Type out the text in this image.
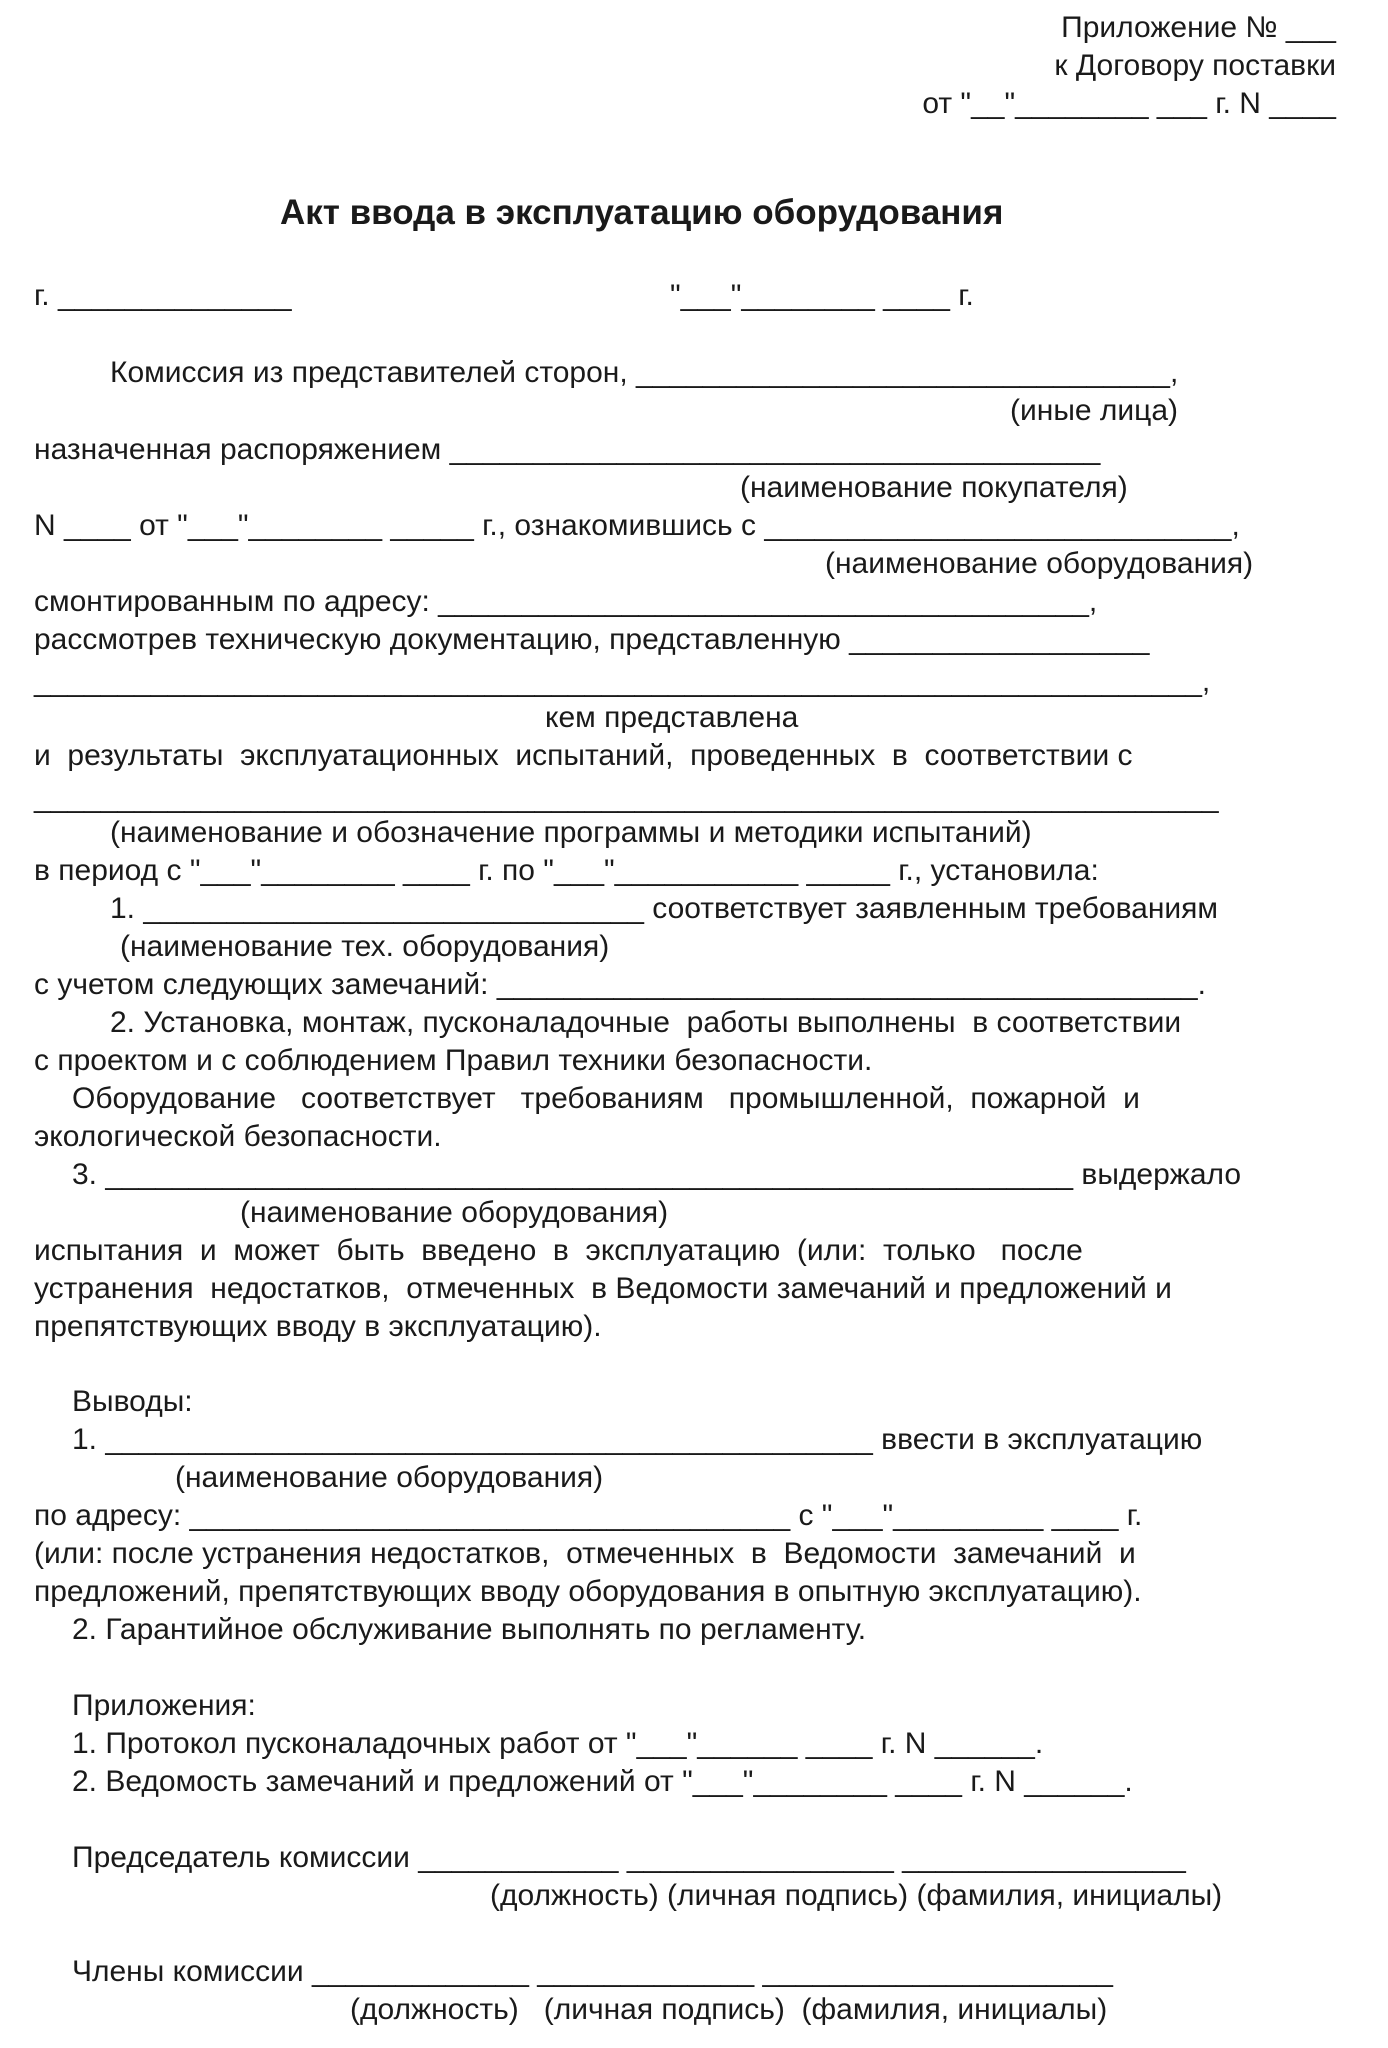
Приложение № ___
к Договору поставки
от "__"________ ___ г. N ____
Акт ввода в эксплуатацию оборудования
г. ______________	"___"________ ____ г.
Комиссия из представителей сторон, ________________________________,
(иные лица)
назначенная распоряжением _______________________________________
(наименование покупателя)
N ____ от "___"________ _____ г., ознакомившись с ____________________________,
(наименование оборудования)
смонтированным по адресу: _______________________________________,
рассмотрев техническую документацию, представленную __________________
______________________________________________________________________,
кем представлена
и  результаты  эксплуатационных  испытаний,  проведенных  в  соответствии с
_______________________________________________________________________
(наименование и обозначение программы и методики испытаний)
в период с "___"________ ____ г. по "___"___________ _____ г., установила:
1. ______________________________ соответствует заявленным требованиям
(наименование тех. оборудования)
с учетом следующих замечаний: __________________________________________.
2. Установка, монтаж, пусконаладочные  работы выполнены  в соответствии
с проектом и с соблюдением Правил техники безопасности.
Оборудование   соответствует   требованиям   промышленной,  пожарной  и
экологической безопасности.
3. __________________________________________________________ выдержало
(наименование оборудования)
испытания  и  может  быть  введено  в  эксплуатацию  (или:  только   после
устранения  недостатков,  отмеченных  в Ведомости замечаний и предложений и
препятствующих вводу в эксплуатацию).
Выводы:
1. ______________________________________________ ввести в эксплуатацию
(наименование оборудования)
по адресу: ____________________________________ с "___"_________ ____ г.
(или: после устранения недостатков,  отмеченных  в  Ведомости  замечаний  и
предложений, препятствующих вводу оборудования в опытную эксплуатацию).
2. Гарантийное обслуживание выполнять по регламенту.
Приложения:
1. Протокол пусконаладочных работ от "___"______ ____ г. N ______.
2. Ведомость замечаний и предложений от "___"________ ____ г. N ______.
Председатель комиссии ____________ ________________ _________________
(должность) (личная подпись) (фамилия, инициалы)
Члены комиссии _____________ _____________ _____________________
(должность)   (личная подпись)  (фамилия, инициалы)
